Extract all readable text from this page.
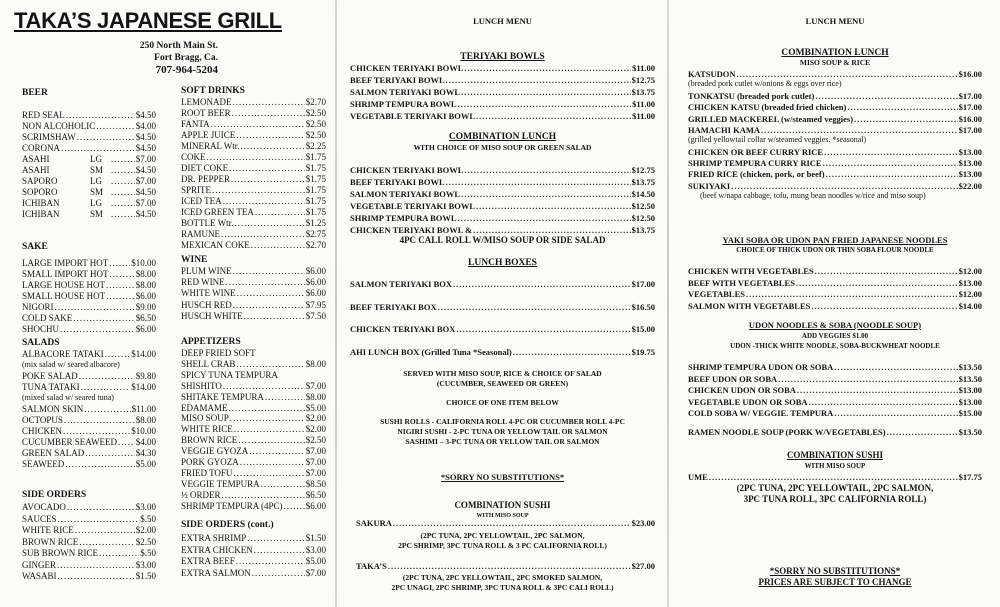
TAKA’S JAPANESE GRILL
250 North Main St.
Fort Bragg, Ca.
707-964-5204
BEER
RED SEAL .....	$4.50
NON ALCOHOLIC .....	$4.00
SCRIMSHAW .....	$4.50
CORONA .....	$4.50
ASAHI	LG .....	$7.00
ASAHI	SM .....	$4.50
SAPORO	LG .....	$7.00
SOPORO	SM .....	$4.50
ICHIBAN	LG .....	$7.00
ICHIBAN	SM .....	$4.50
SAKE
LARGE IMPORT HOT .....	$10.00
SMALL IMPORT HOT .....	$8.00
LARGE HOUSE HOT .....	$8.00
SMALL HOUSE HOT .....	$6.00
NIGORI .....	$9.00
COLD SAKE .....	$6.50
SHOCHU .....	$6.00
SALADS
ALBACORE TATAKI .....	$14.00
(mix salad w/ seared albacore)
POKE SALAD .....	$9.80
TUNA TATAKI .....	$14.00
(mixed salad w/ seared tuna)
SALMON SKIN .....	$11.00
OCTOPUS .....	$8.00
CHICKEN .....	$10.00
CUCUMBER SEAWEED ..... $4.00
GREEN SALAD .....	$4.30
SEAWEED .....	$5.00
SIDE ORDERS
AVOCADO .....	$3.00
SAUCES .....	$.50
WHITE RICE .....	$2.00
BROWN RICE .....	$2.50
SUB BROWN RICE .....	$.50
GINGER .....	$3.00
WASABI .....	$1.50
SOFT DRINKS
LEMONADE .....	$2.70
ROOT BEER .....	$2.50
FANTA .....	$2.50
APPLE JUICE .....	$2.50
MINERAL Wtr. .....	$2.25
COKE .....	$1.75
DIET COKE .....	$1.75
DR. PEPPER .....	$1.75
SPRITE .....	$1.75
ICED TEA .....	$1.75
ICED GREEN TEA .....	$1.75
BOTTLE Wtr. .....	$1.25
RAMUNE .....	$2.75
MEXICAN COKE .....	$2.70
WINE
PLUM WINE .....	$6.00
RED WINE .....	$6.00
WHITE WINE .....	$6.00
HUSCH RED .....	$7.95
HUSCH WHITE .....	$7.50
APPETIZERS
DEEP FRIED SOFT
SHELL CRAB .....	$8.00
SPICY TUNA TEMPURA
SHISHITO .....	$7.00
SHITAKE TEMPURA .....	$8.00
EDAMAME .....	$5.00
MISO SOUP .....	$2.00
WHITE RICE .....	$2.00
BROWN RICE .....	$2.50
VEGGIE GYOZA .....	$7.00
PORK GYOZA .....	$7.00
FRIED TOFU .....	$7.00
VEGGIE TEMPURA .....	$8.50
½ ORDER .....	$6.50
SHRIMP TEMPURA (4PC) .....	$6.00
SIDE ORDERS (cont.)
EXTRA SHRIMP .....	$1.50
EXTRA CHICKEN .....	$3.00
EXTRA BEEF .....	$5.00
EXTRA SALMON .....	$7.00
LUNCH MENU
TERIYAKI BOWLS
CHICKEN TERIYAKI BOWL .....	$11.00
BEEF TERIYAKI BOWL .....	$12.75
SALMON TERIYAKI BOWL .....	$13.75
SHRIMP TEMPURA BOWL .....	$11.00
VEGETABLE TERIYAKI BOWL .....	$11.00
COMBINATION LUNCH
WITH CHOICE OF MISO SOUP OR GREEN SALAD
CHICKEN TERIYAKI BOWL .....	$12.75
BEEF TERIYAKI BOWL .....	$13.75
SALMON TERIYAKI BOWL .....	$14.50
VEGETABLE TERIYAKI BOWL .....	$12.50
SHRIMP TEMPURA BOWL .....	$12.50
CHICKEN TERIYAKI BOWL & .....	$13.75
4PC CALI. ROLL W/MISO SOUP OR SIDE SALAD
LUNCH BOXES
SALMON TERIYAKI BOX .....	$17.00
BEEF TERIYAKI BOX .....	$16.50
CHICKEN TERIYAKI BOX .....	$15.00
AHI LUNCH BOX (Grilled Tuna *Seasonal) .....	$19.75
SERVED WITH MISO SOUP, RICE & CHOICE OF SALAD
(CUCUMBER, SEAWEED OR GREEN)
CHOICE OF ONE ITEM BELOW
SUSHI ROLLS - CALIFORNIA ROLL 4-PC OR CUCUMBER ROLL 4-PC
NIGIRI SUSHI - 2-PC TUNA OR YELLOW TAIL OR SALMON
SASHIMI – 3-PC TUNA OR YELLOW TAIL OR SALMON
*SORRY NO SUBSTITUTIONS*
COMBINATION SUSHI
WITH MISO SOUP
SAKURA .....	$23.00
(2PC TUNA, 2PC YELLOWTAIL, 2PC SALMON,
2PC SHRIMP, 3PC TUNA ROLL & 3 PC CALIFORNIA ROLL)
TAKA’S .....	$27.00
(2PC TUNA, 2PC YELLOWTAIL, 2PC SMOKED SALMON,
2PC UNAGI, 2PC SHRIMP, 3PC TUNA ROLL & 3PC CALI ROLL)
LUNCH MENU
COMBINATION LUNCH
MISO SOUP & RICE
KATSUDON .....	$16.00
(breaded pork cutlet w/onions & eggs over rice)
TONKATSU (breaded pork cutlet) .....	$17.00
CHICKEN KATSU (breaded fried chicken) .....	$17.00
GRILLED MACKEREL (w/steamed veggies) .....	$16.00
HAMACHI KAMA .....	$17.00
(grilled yellowtail collar w/steamed veggies. *seasonal)
CHICKEN OR BEEF CURRY RICE .....	$13.00
SHRIMP TEMPURA CURRY RICE .....	$13.00
FRIED RICE (chicken, pork, or beef) .....	$13.00
SUKIYAKI .....	$22.00
(beef w/napa cabbage, tofu, mung bean noodles w/rice and miso soup)
YAKI SOBA OR UDON PAN FRIED JAPANESE NOODLES
CHOICE OF THICK UDON OR THIN SOBA FLOUR NOODLE
CHICKEN WITH VEGETABLES .....	$12.00
BEEF WITH VEGETABLES .....	$13.00
VEGETABLES .....	$12.00
SALMON WITH VEGETABLES .....	$14.00
UDON NOODLES & SOBA (NOODLE SOUP)
ADD VEGGIES $1.00
UDON -THICK WHITE NOODLE, SOBA-BUCKWHEAT NOODLE
SHRIMP TEMPURA UDON OR SOBA .....	$13.50
BEEF UDON OR SOBA .....	$13.50
CHICKEN UDON OR SOBA .....	$13.00
VEGETABLE UDON OR SOBA .....	$13.00
COLD SOBA W/ VEGGIE. TEMPURA .....	$15.00
RAMEN NOODLE SOUP (PORK W/VEGETABLES) .....	$13.50
COMBINATION SUSHI
WITH MISO SOUP
UME .....	$17.75
(2PC TUNA, 2PC YELLOWTAIL, 2PC SALMON,
3PC TUNA ROLL, 3PC CALIFORNIA ROLL)
*SORRY NO SUBSTITUTIONS*
PRICES ARE SUBJECT TO CHANGE
